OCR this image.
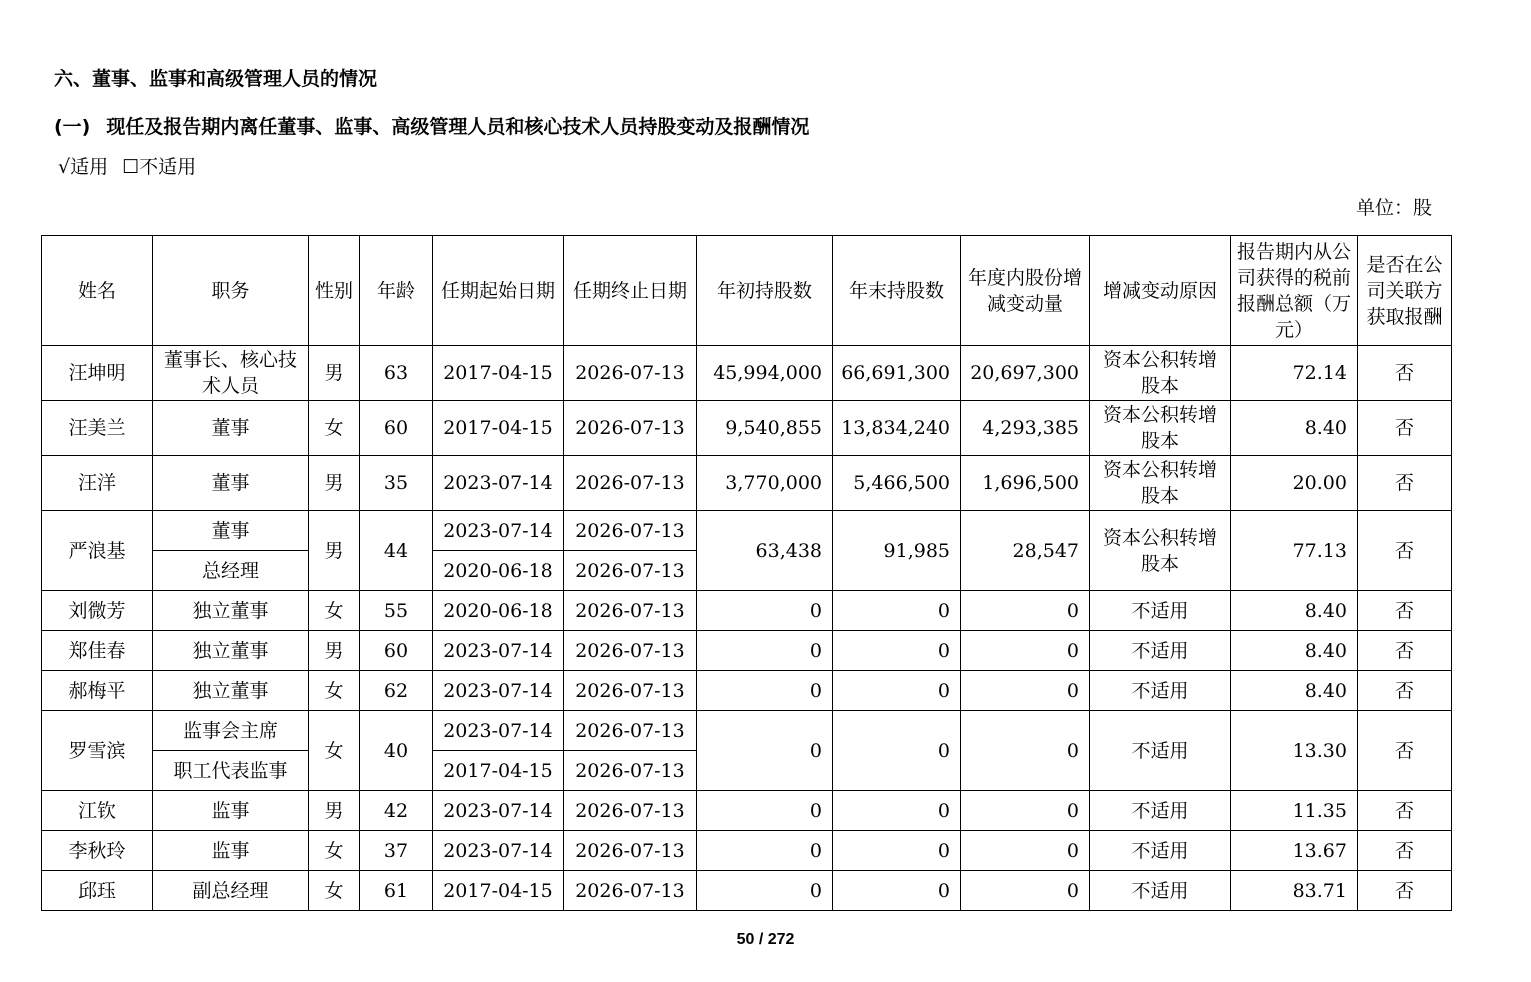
六、董事、监事和高级管理人员的情况
(一) 现任及报告期内离任董事、监事、高级管理人员和核心技术人员持股变动及报酬情况
√适用 ☐不适用
单位：股
姓名	职务	性别	年龄	任期起始日期	任期终止日期	年初持股数	年末持股数	年度内股份增减变动量	增减变动原因	报告期内从公司获得的税前报酬总额（万元）	是否在公司关联方获取报酬
汪坤明	董事长、核心技术人员	男	63	2017-04-15	2026-07-13	45,994,000	66,691,300	20,697,300	资本公积转增股本	72.14	否
汪美兰	董事	女	60	2017-04-15	2026-07-13	9,540,855	13,834,240	4,293,385	资本公积转增股本	8.40	否
汪洋	董事	男	35	2023-07-14	2026-07-13	3,770,000	5,466,500	1,696,500	资本公积转增股本	20.00	否
严浪基	董事	男	44	2023-07-14	2026-07-13	63,438	91,985	28,547	资本公积转增股本	77.13	否
	总经理			2020-06-18	2026-07-13						
刘微芳	独立董事	女	55	2020-06-18	2026-07-13	0	0	0	不适用	8.40	否
郑佳春	独立董事	男	60	2023-07-14	2026-07-13	0	0	0	不适用	8.40	否
郝梅平	独立董事	女	62	2023-07-14	2026-07-13	0	0	0	不适用	8.40	否
罗雪滨	监事会主席	女	40	2023-07-14	2026-07-13	0	0	0	不适用	13.30	否
	职工代表监事			2017-04-15	2026-07-13						
江钦	监事	男	42	2023-07-14	2026-07-13	0	0	0	不适用	11.35	否
李秋玲	监事	女	37	2023-07-14	2026-07-13	0	0	0	不适用	13.67	否
邱珏	副总经理	女	61	2017-04-15	2026-07-13	0	0	0	不适用	83.71	否
50 / 272
